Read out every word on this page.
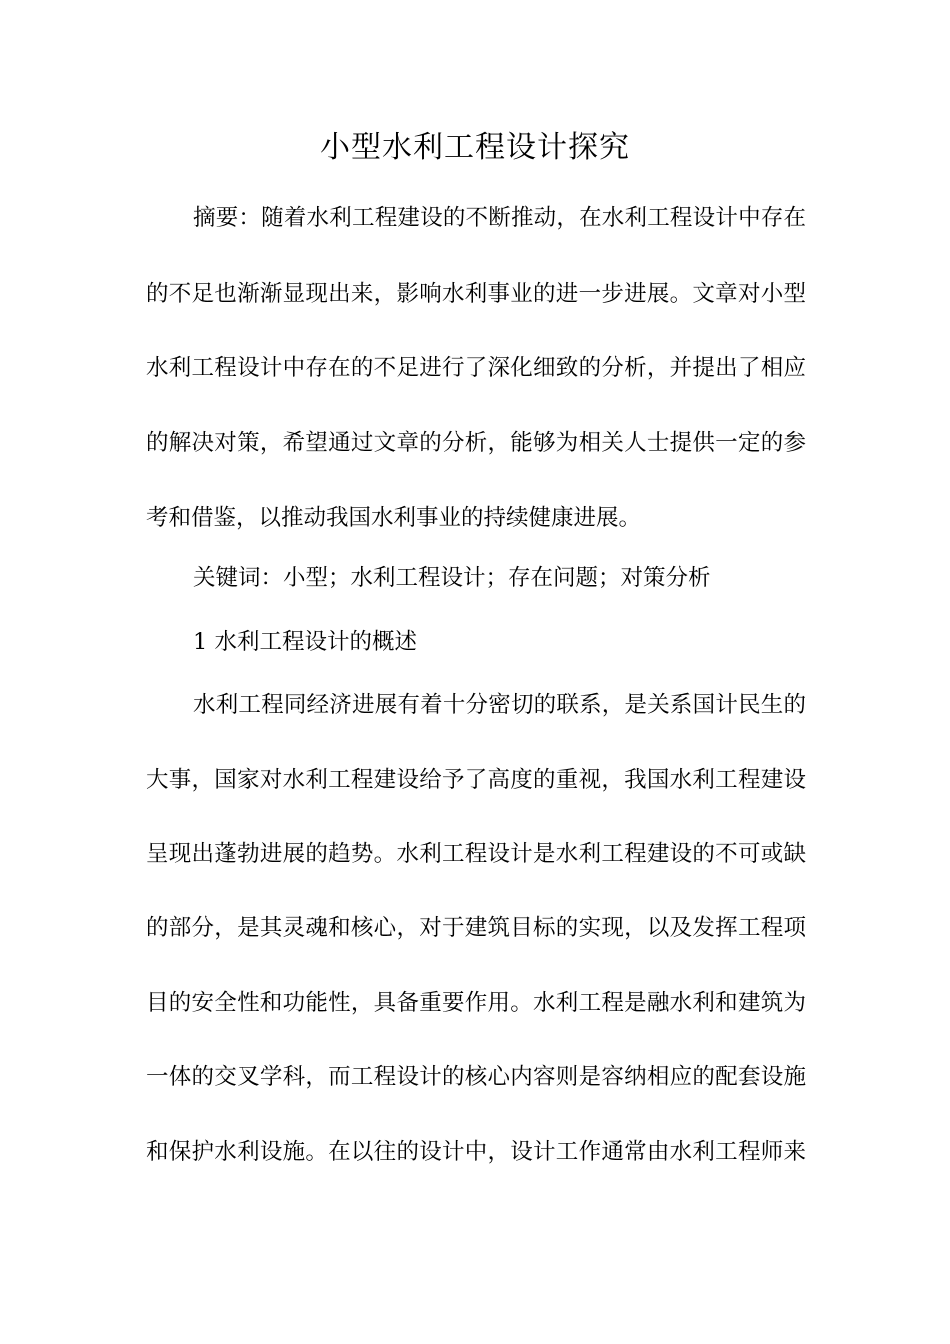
小型水利工程设计探究
摘要：随着水利工程建设的不断推动，在水利工程设计中存在
的不足也渐渐显现出来，影响水利事业的进一步进展。文章对小型
水利工程设计中存在的不足进行了深化细致的分析，并提出了相应
的解决对策，希望通过文章的分析，能够为相关人士提供一定的参
考和借鉴，以推动我国水利事业的持续健康进展。
关键词：小型；水利工程设计；存在问题；对策分析
1 水利工程设计的概述
水利工程同经济进展有着十分密切的联系，是关系国计民生的
大事，国家对水利工程建设给予了高度的重视，我国水利工程建设
呈现出蓬勃进展的趋势。水利工程设计是水利工程建设的不可或缺
的部分，是其灵魂和核心，对于建筑目标的实现，以及发挥工程项
目的安全性和功能性，具备重要作用。水利工程是融水利和建筑为
一体的交叉学科，而工程设计的核心内容则是容纳相应的配套设施
和保护水利设施。在以往的设计中，设计工作通常由水利工程师来
